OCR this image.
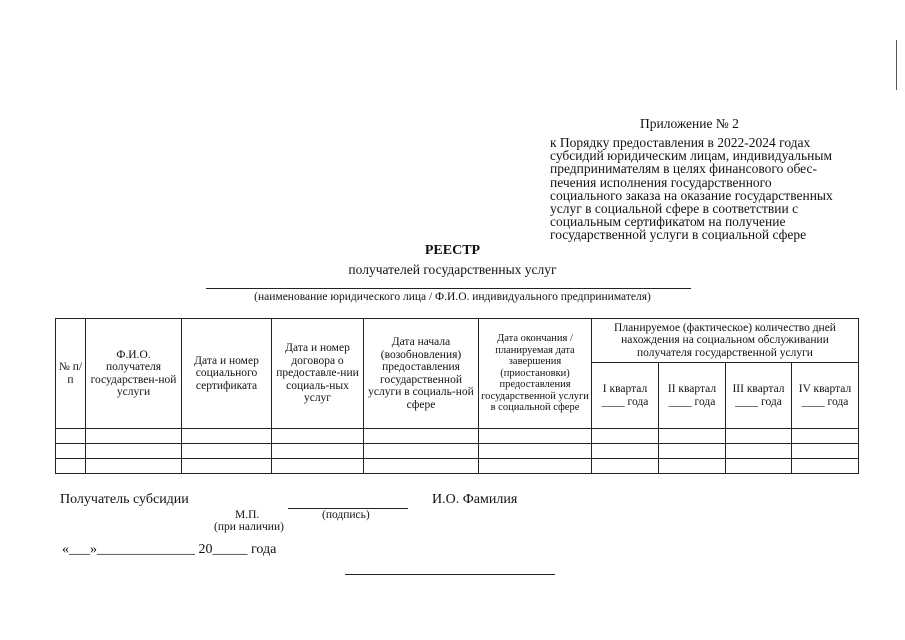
Приложение № 2
к Порядку предоставления в 2022-2024 годах
субсидий юридическим лицам, индивидуальным
предпринимателям в целях финансового обес-
печения исполнения государственного
социального заказа на оказание государственных
услуг в социальной сфере в соответствии с
социальным сертификатом на получение
государственной услуги в социальной сфере
РЕЕСТР
получателей государственных услуг
(наименование юридического лица / Ф.И.О. индивидуального предпринимателя)
№ п/п	Ф.И.О. получателя государствен-ной услуги	Дата и номер социального сертификата	Дата и номер договора о предоставле-нии социаль-ных услуг	Дата начала (возобновления) предоставления государственной услуги в социаль-ной сфере	Дата окончания / планируемая дата завершения (приостановки) предоставления государственной услуги в социальной сфере	Планируемое (фактическое) количество дней нахождения на социальном обслуживании получателя государственной услуги			
						I квартал ____ года	II квартал ____ года	III квартал ____ года	IV квартал ____ года

Получатель субсидии	И.О. Фамилия
М.П.	(подпись)
(при наличии)
«___»______________ 20_____ года
